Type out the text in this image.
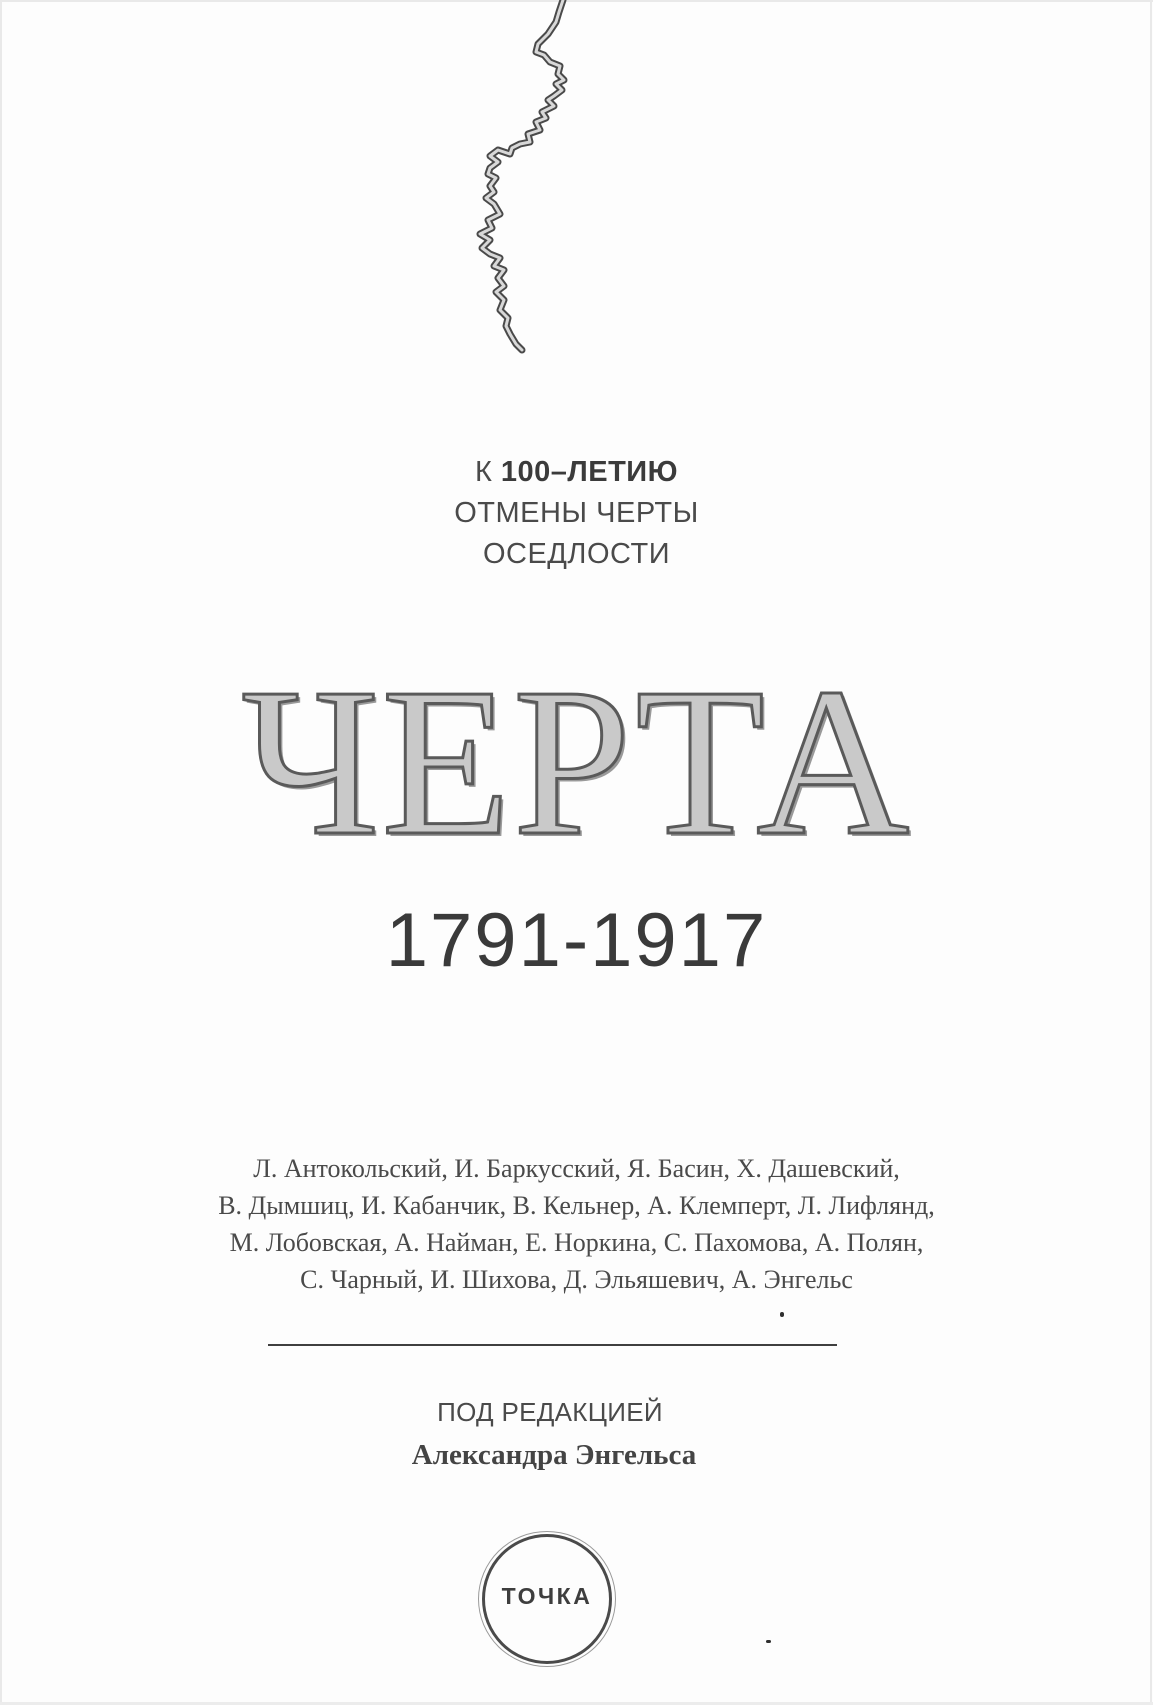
К 100–ЛЕТИЮ
ОТМЕНЫ ЧЕРТЫ
ОСЕДЛОСТИ
ЧЕРТА
1791-1917
Л. Антокольский, И. Баркусский, Я. Басин, Х. Дашевский,
В. Дымшиц, И. Кабанчик, В. Кельнер, А. Клемперт, Л. Лифлянд,
М. Лобовская, А. Найман, Е. Норкина, С. Пахомова, А. Полян,
С. Чарный, И. Шихова, Д. Эльяшевич, А. Энгельс
ПОД РЕДАКЦИЕЙ
Александра Энгельса
ТОЧКА
